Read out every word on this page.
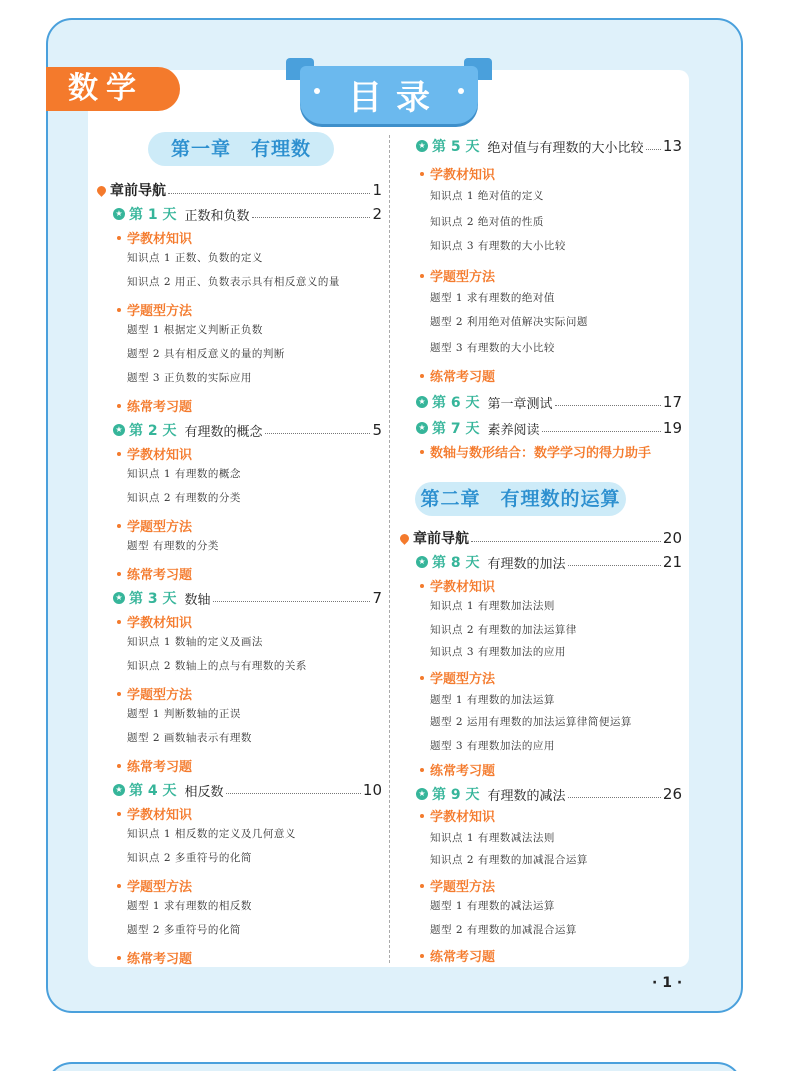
数学	目录
第一章　有理数
章前导航	1
★ 第 1 天 正数和负数	2
学教材知识
知识点 1 正数、负数的定义
知识点 2 用正、负数表示具有相反意义的量
学题型方法
题型 1 根据定义判断正负数
题型 2 具有相反意义的量的判断
题型 3 正负数的实际应用
练常考习题
★ 第 2 天 有理数的概念	5
学教材知识
知识点 1 有理数的概念
知识点 2 有理数的分类
学题型方法
题型 有理数的分类
练常考习题
★ 第 3 天 数轴	7
学教材知识
知识点 1 数轴的定义及画法
知识点 2 数轴上的点与有理数的关系
学题型方法
题型 1 判断数轴的正误
题型 2 画数轴表示有理数
练常考习题
★ 第 4 天 相反数	10
学教材知识
知识点 1 相反数的定义及几何意义
知识点 2 多重符号的化简
学题型方法
题型 1 求有理数的相反数
题型 2 多重符号的化简
练常考习题
★ 第 5 天 绝对值与有理数的大小比较 13
学教材知识
知识点 1 绝对值的定义
知识点 2 绝对值的性质
知识点 3 有理数的大小比较
学题型方法
题型 1 求有理数的绝对值
题型 2 利用绝对值解决实际问题
题型 3 有理数的大小比较
练常考习题
★ 第 6 天 第一章测试	17
★ 第 7 天 素养阅读	19
数轴与数形结合：数学学习的得力助手
第二章　有理数的运算
章前导航	20
★ 第 8 天 有理数的加法	21
学教材知识
知识点 1 有理数加法法则
知识点 2 有理数的加法运算律
知识点 3 有理数加法的应用
学题型方法
题型 1 有理数的加法运算
题型 2 运用有理数的加法运算律简便运算
题型 3 有理数加法的应用
练常考习题
★ 第 9 天 有理数的减法	26
学教材知识
知识点 1 有理数减法法则
知识点 2 有理数的加减混合运算
学题型方法
题型 1 有理数的减法运算
题型 2 有理数的加减混合运算
练常考习题
· 1 ·
